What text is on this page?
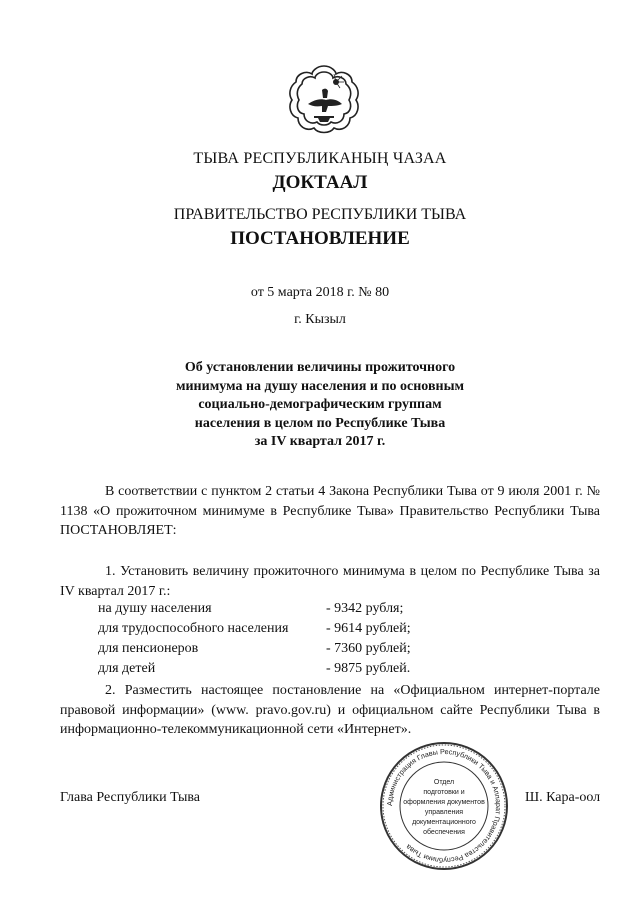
ТЫВА РЕСПУБЛИКАНЫҢ ЧАЗАА
ДОКТААЛ
ПРАВИТЕЛЬСТВО РЕСПУБЛИКИ ТЫВА
ПОСТАНОВЛЕНИЕ
от 5 марта 2018 г. № 80
г. Кызыл
Об установлении величины прожиточного
минимума на душу населения и по основным
социально-демографическим группам
населения в целом по Республике Тыва
за IV квартал 2017 г.
В соответствии с пунктом 2 статьи 4 Закона Республики Тыва от 9 июля 2001 г. № 1138 «О прожиточном минимуме в Республике Тыва» Правительство Республики Тыва ПОСТАНОВЛЯЕТ:
1. Установить величину прожиточного минимума в целом по Республике Тыва за IV квартал 2017 г.:
на душу населения	- 9342 рубля;
для трудоспособного населения	- 9614 рублей;
для пенсионеров	- 7360 рублей;
для детей	- 9875 рублей.
2. Разместить настоящее постановление на «Официальном интернет-портале правовой информации» (www. pravo.gov.ru) и официальном сайте Республики Тыва в информационно-телекоммуникационной сети «Интернет».
Глава Республики Тыва	Ш. Кара-оол
Администрация Главы Республики Тыва и Аппарат Правительства Республики Тыва
Отдел
подготовки и
оформления документов
управления
документационного
обеспечения
